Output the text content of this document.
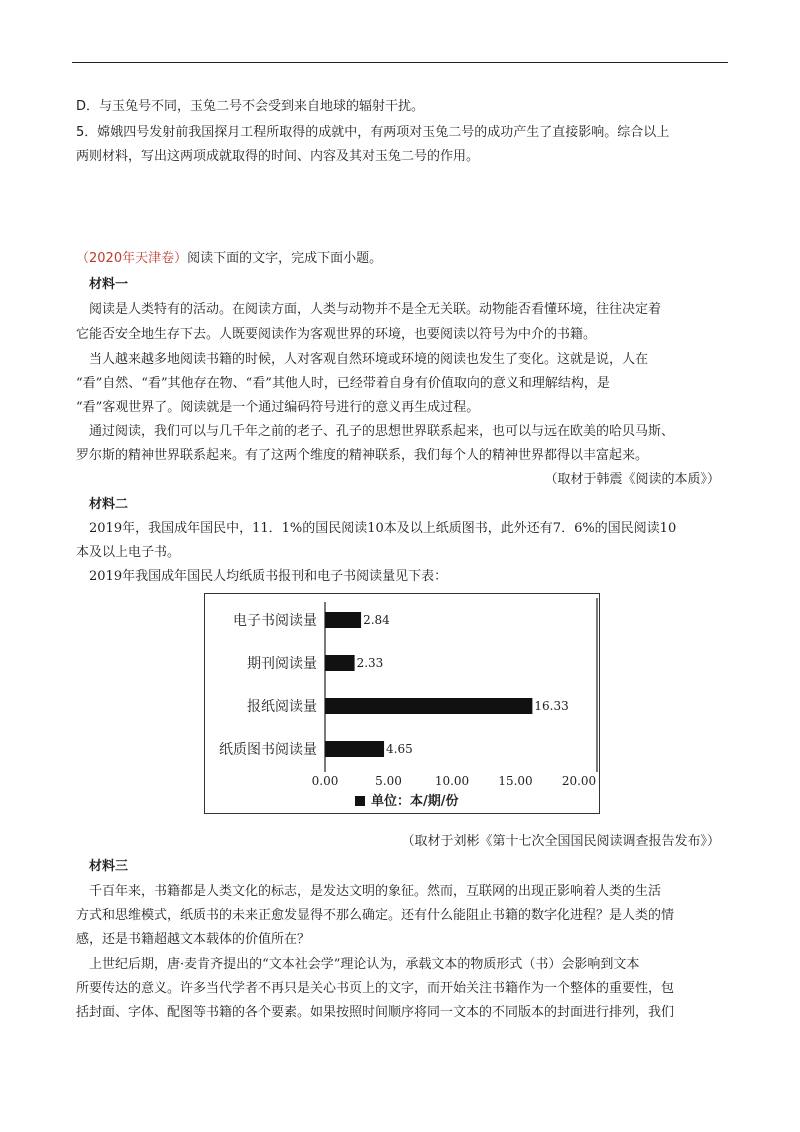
D．与玉兔号不同，玉兔二号不会受到来自地球的辐射干扰。
5．嫦娥四号发射前我国探月工程所取得的成就中，有两项对玉兔二号的成功产生了直接影响。综合以上
两则材料，写出这两项成就取得的时间、内容及其对玉兔二号的作用。
（2020年天津卷）阅读下面的文字，完成下面小题。
材料一
阅读是人类特有的活动。在阅读方面，人类与动物并不是全无关联。动物能否看懂环境，往往决定着
它能否安全地生存下去。人既要阅读作为客观世界的环境，也要阅读以符号为中介的书籍。
当人越来越多地阅读书籍的时候，人对客观自然环境或环境的阅读也发生了变化。这就是说，人在
“看”自然、“看”其他存在物、“看”其他人时，已经带着自身有价值取向的意义和理解结构，是
“看”客观世界了。阅读就是一个通过编码符号进行的意义再生成过程。
通过阅读，我们可以与几千年之前的老子、孔子的思想世界联系起来，也可以与远在欧美的哈贝马斯、
罗尔斯的精神世界联系起来。有了这两个维度的精神联系，我们每个人的精神世界都得以丰富起来。
（取材于韩震《阅读的本质》）
材料二
2019年，我国成年国民中，11．1%的国民阅读10本及以上纸质图书，此外还有7．6%的国民阅读10
本及以上电子书。
2019年我国成年国民人均纸质书报刊和电子书阅读量见下表：
电子书阅读量	2.84
期刊阅读量	2.33
报纸阅读量	16.33
纸质图书阅读量	4.65
0.00	5.00	10.00 15.00 20.00
单位：本/期/份
（取材于刘彬《第十七次全国国民阅读调查报告发布》）
材料三
千百年来，书籍都是人类文化的标志，是发达文明的象征。然而，互联网的出现正影响着人类的生活
方式和思维模式，纸质书的未来正愈发显得不那么确定。还有什么能阻止书籍的数字化进程？是人类的情
感，还是书籍超越文本载体的价值所在？
上世纪后期，唐·麦肯齐提出的“文本社会学”理论认为，承载文本的物质形式（书）会影响到文本
所要传达的意义。许多当代学者不再只是关心书页上的文字，而开始关注书籍作为一个整体的重要性，包
括封面、字体、配图等书籍的各个要素。如果按照时间顺序将同一文本的不同版本的封面进行排列，我们
